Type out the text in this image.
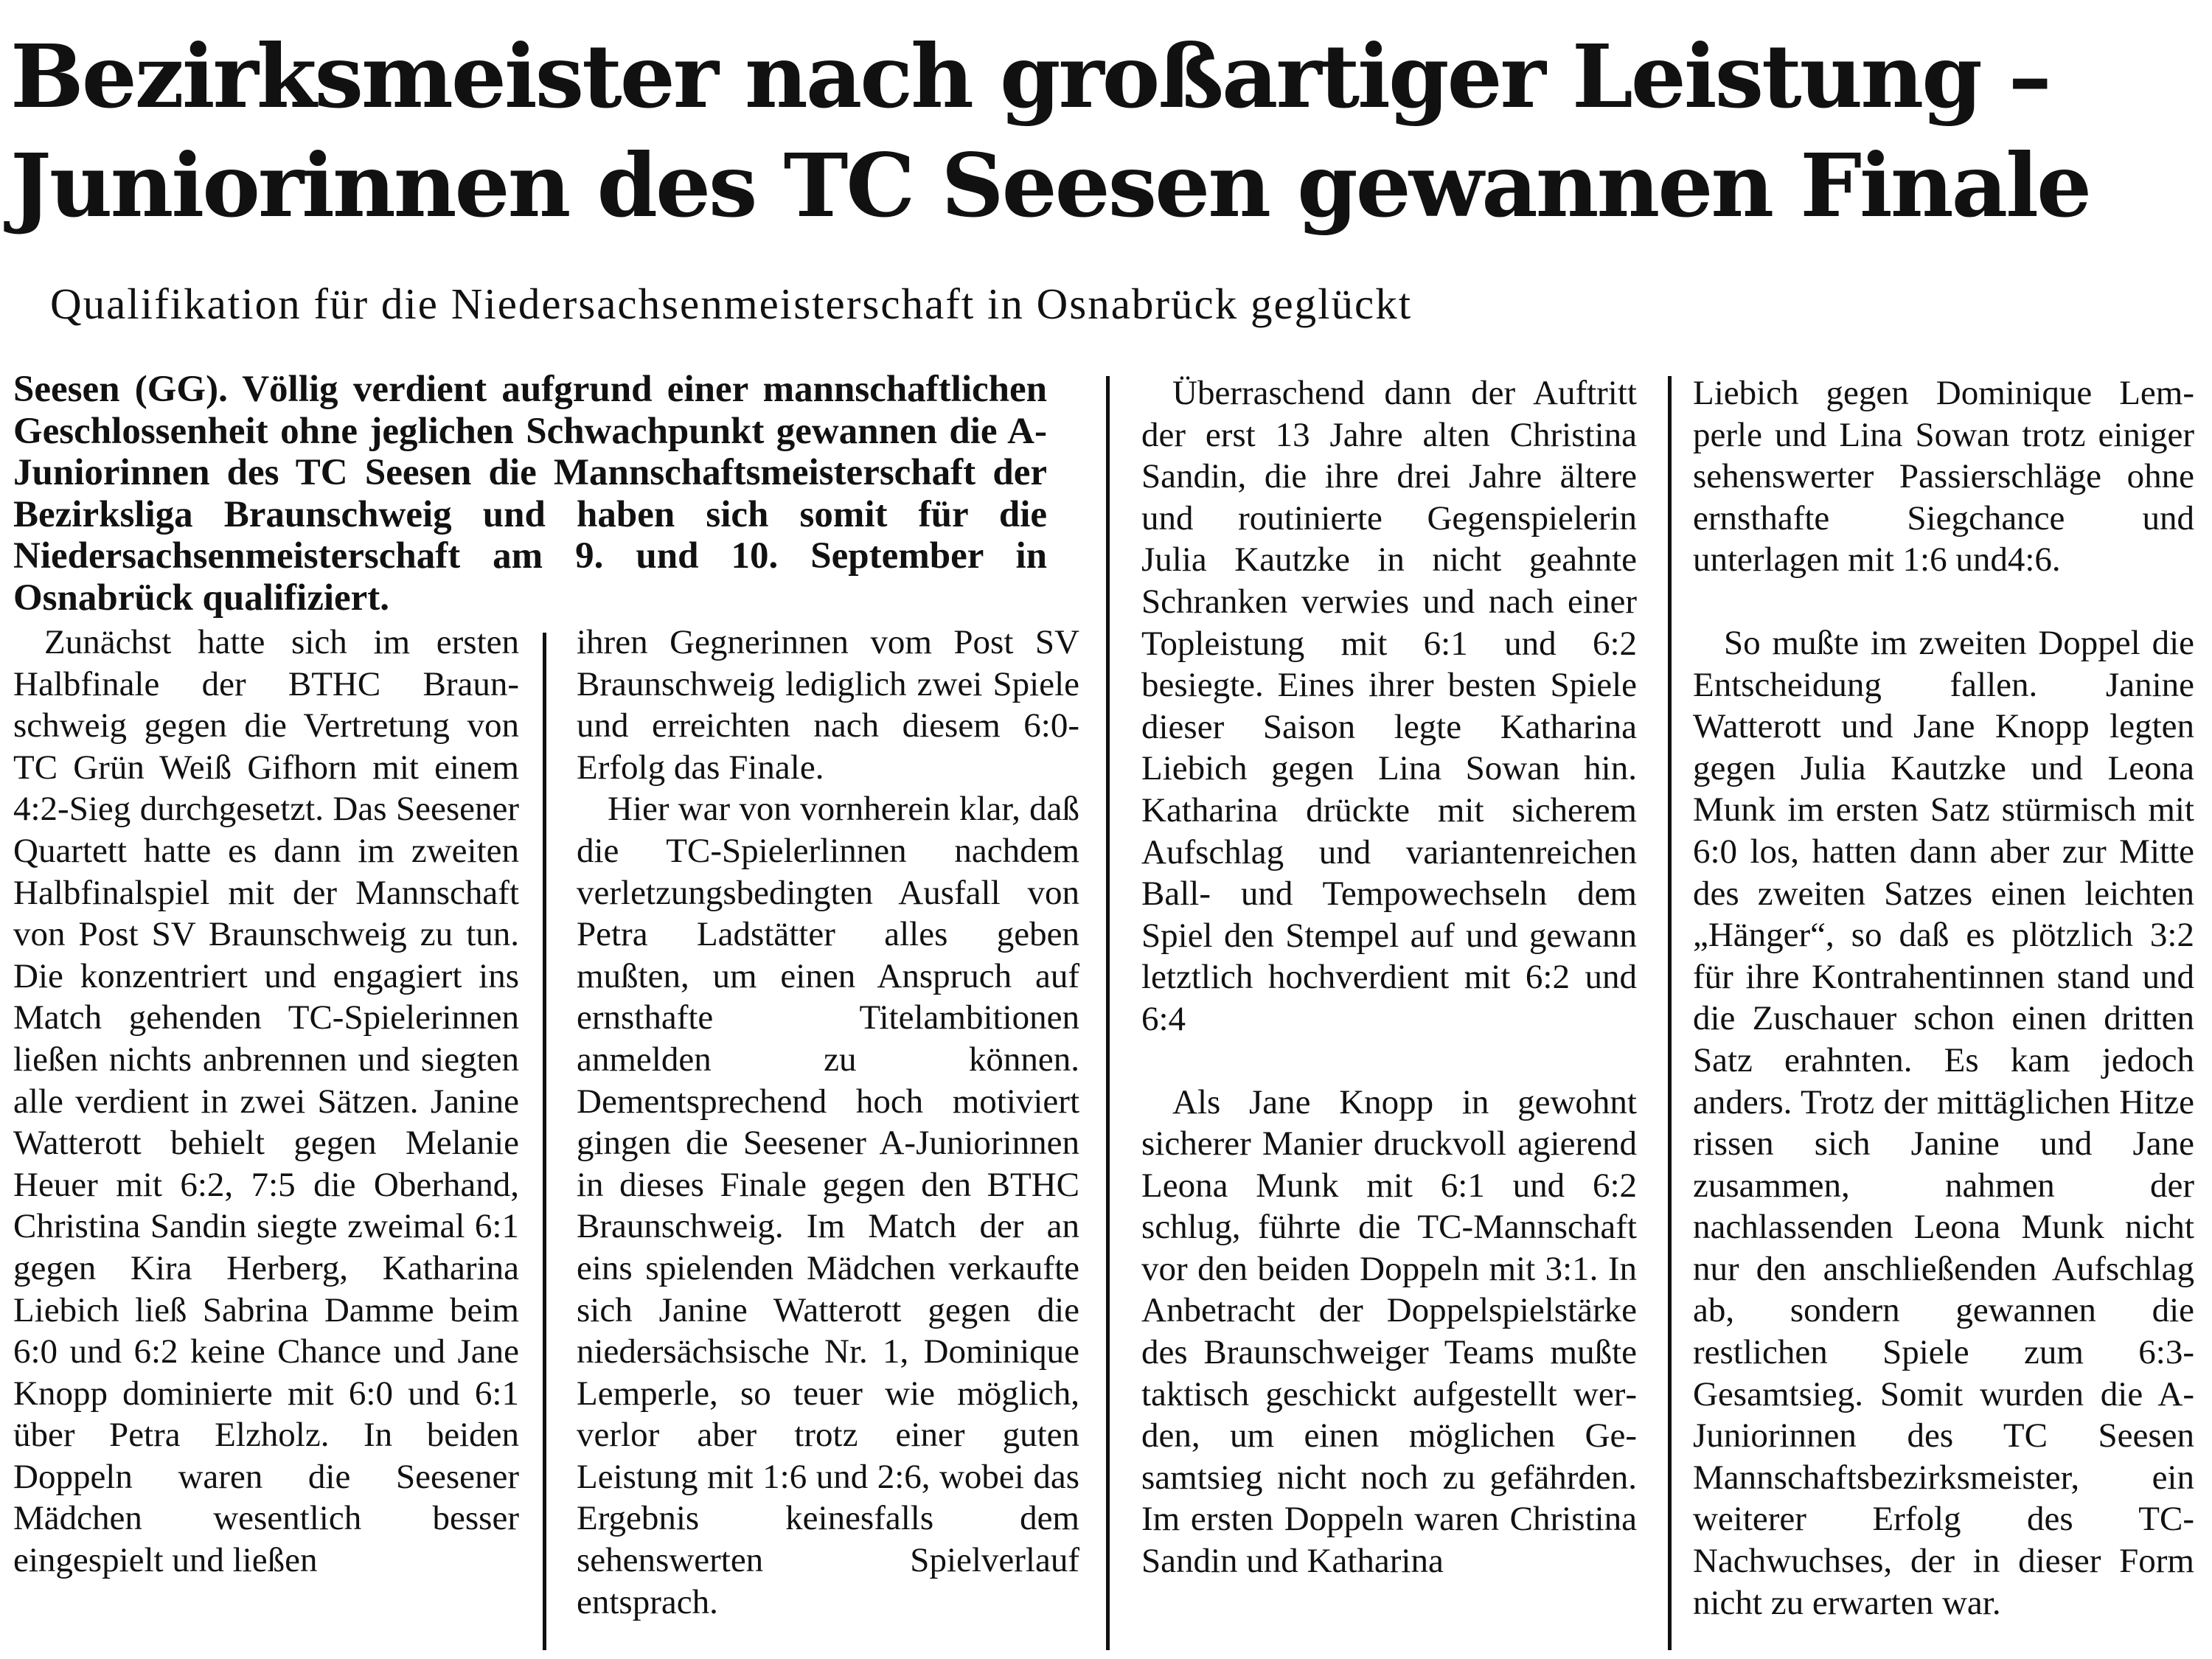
Bezirksmeister nach großartiger Leistung –
Juniorinnen des TC Seesen gewannen Finale
Qualifikation für die Niedersachsenmeisterschaft in Osnabrück geglückt

Seesen (GG). Völlig verdient aufgrund einer mannschaftlichen Geschlossenheit ohne jeglichen Schwachpunkt gewannen die A-Juniorinnen des TC Seesen die Mannschaftsmeisterschaft der Bezirksliga Braunschweig und haben sich somit für die Niedersachsenmeisterschaft am 9. und 10. September in Osnabrück qualifiziert.

Zunächst hatte sich im ersten Halbfinale der BTHC Braunschweig gegen die Vertretung von TC Grün Weiß Gifhorn mit einem 4:2-Sieg durchgesetzt. Das Seesener Quartett hatte es dann im zweiten Halbfinalspiel mit der Mannschaft von Post SV Braunschweig zu tun. Die konzentriert und engagiert ins Match gehenden TC-Spielerinnen ließen nichts anbrennen und siegten alle verdient in zwei Sätzen. Janine Watterott behielt gegen Melanie Heuer mit 6:2, 7:5 die Oberhand, Christina Sandin siegte zweimal 6:1 gegen Kira Herberg, Katharina Liebich ließ Sabrina Damme beim 6:0 und 6:2 keine Chance und Jane Knopp dominierte mit 6:0 und 6:1 über Petra Elzholz. In beiden Doppeln waren die Seesener Mädchen wesentlich besser eingespielt und ließen

ihren Gegnerinnen vom Post SV Braunschweig lediglich zwei Spiele und erreichten nach diesem 6:0-Erfolg das Finale.

Hier war von vornherein klar, daß die TC-Spielerlinnen nachdem verletzungsbedingten Ausfall von Petra Ladstätter alles geben mußten, um einen Anspruch auf ernsthafte Titelambitionen anmelden zu können. Dementsprechend hoch motiviert gingen die Seesener A-Juniorinnen in dieses Finale gegen den BTHC Braunschweig. Im Match der an eins spielenden Mädchen verkaufte sich Janine Watterott gegen die niedersächsische Nr. 1, Dominique Lemperle, so teuer wie möglich, verlor aber trotz einer guten Leistung mit 1:6 und 2:6, wobei das Ergebnis keinesfalls dem sehenswerten Spielverlauf entsprach.

Überraschend dann der Auftritt der erst 13 Jahre alten Christina Sandin, die ihre drei Jahre ältere und routinierte Gegenspielerin Julia Kautzke in nicht geahnte Schranken verwies und nach einer Topleistung mit 6:1 und 6:2 besiegte. Eines ihrer besten Spiele dieser Saison legte Katharina Liebich gegen Lina Sowan hin. Katharina drückte mit sicherem Aufschlag und variantenreichen Ball- und Tempowechseln dem Spiel den Stempel auf und gewann letztlich hochverdient mit 6:2 und 6:4

Als Jane Knopp in gewohnt sicherer Manier druckvoll agierend Leona Munk mit 6:1 und 6:2 schlug, führte die TC-Mannschaft vor den beiden Doppeln mit 3:1. In Anbetracht der Doppelspielstärke des Braunschweiger Teams mußte taktisch geschickt aufgestellt werden, um einen möglichen Gesamtsieg nicht noch zu gefährden. Im ersten Doppeln waren Christina Sandin und Katharina

Liebich gegen Dominique Lemperle und Lina Sowan trotz einiger sehenswerter Passierschläge ohne ernsthafte Siegchance und unterlagen mit 1:6 und4:6.

So mußte im zweiten Doppel die Entscheidung fallen. Janine Watterott und Jane Knopp legten gegen Julia Kautzke und Leona Munk im ersten Satz stürmisch mit 6:0 los, hatten dann aber zur Mitte des zweiten Satzes einen leichten „Hänger“, so daß es plötzlich 3:2 für ihre Kontrahentinnen stand und die Zuschauer schon einen dritten Satz erahnten. Es kam jedoch anders. Trotz der mittäglichen Hitze rissen sich Janine und Jane zusammen, nahmen der nachlassenden Leona Munk nicht nur den anschließenden Aufschlag ab, sondern gewannen die restlichen Spiele zum 6:3-Gesamtsieg. Somit wurden die A-Juniorinnen des TC Seesen Mannschaftsbezirksmeister, ein weiterer Erfolg des TC-Nachwuchses, der in dieser Form nicht zu erwarten war.
